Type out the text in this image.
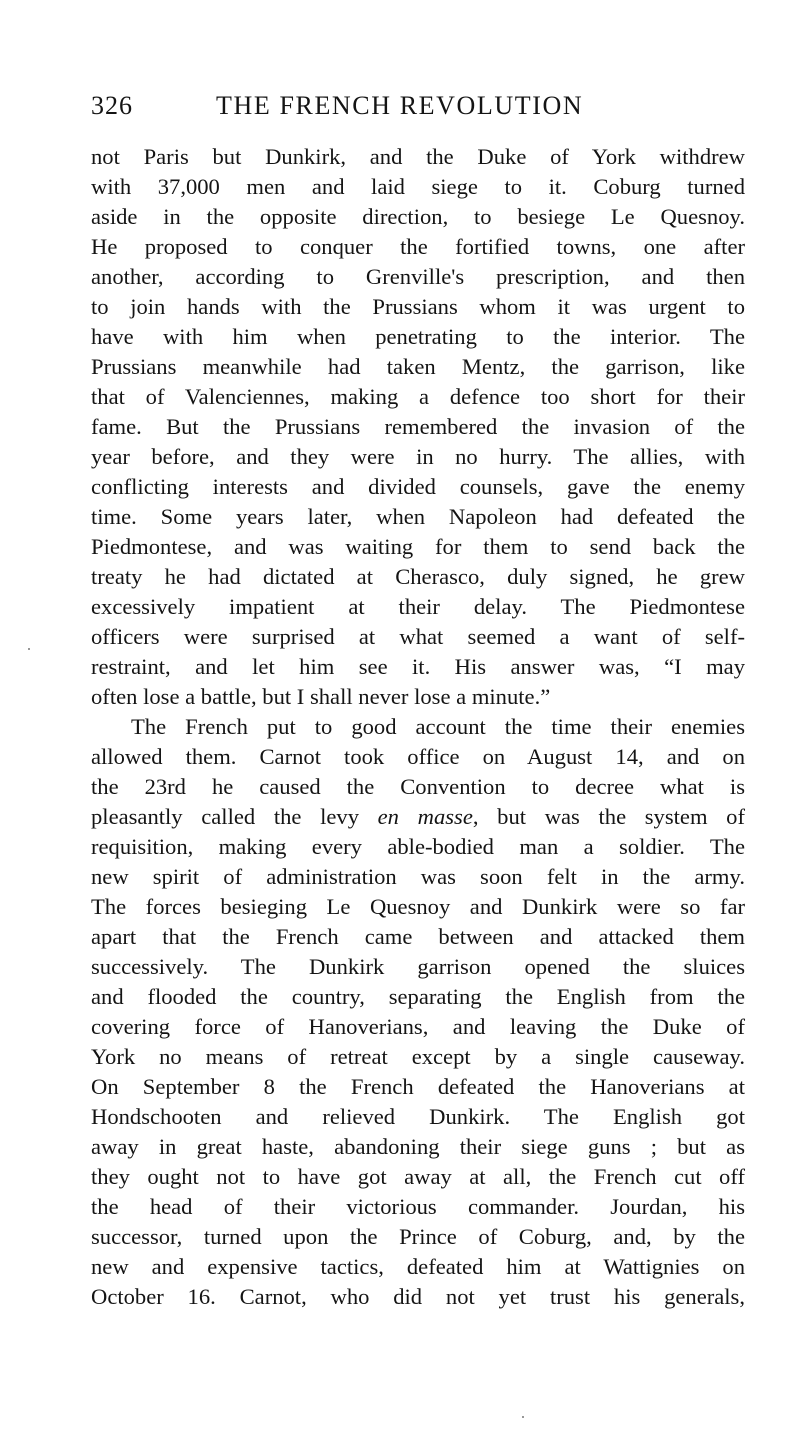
326	THE FRENCH REVOLUTION
not Paris but Dunkirk, and the Duke of York withdrew
with 37,000 men and laid siege to it. Coburg turned
aside in the opposite direction, to besiege Le Quesnoy.
He proposed to conquer the fortified towns, one after
another, according to Grenville's prescription, and then
to join hands with the Prussians whom it was urgent to
have with him when penetrating to the interior. The
Prussians meanwhile had taken Mentz, the garrison, like
that of Valenciennes, making a defence too short for their
fame. But the Prussians remembered the invasion of the
year before, and they were in no hurry. The allies, with
conflicting interests and divided counsels, gave the enemy
time. Some years later, when Napoleon had defeated the
Piedmontese, and was waiting for them to send back the
treaty he had dictated at Cherasco, duly signed, he grew
excessively impatient at their delay. The Piedmontese
officers were surprised at what seemed a want of self-
restraint, and let him see it. His answer was, “I may
often lose a battle, but I shall never lose a minute.”
The French put to good account the time their enemies
allowed them. Carnot took office on August 14, and on
the 23rd he caused the Convention to decree what is
pleasantly called the levy en masse, but was the system of
requisition, making every able-bodied man a soldier. The
new spirit of administration was soon felt in the army.
The forces besieging Le Quesnoy and Dunkirk were so far
apart that the French came between and attacked them
successively. The Dunkirk garrison opened the sluices
and flooded the country, separating the English from the
covering force of Hanoverians, and leaving the Duke of
York no means of retreat except by a single causeway.
On September 8 the French defeated the Hanoverians at
Hondschooten and relieved Dunkirk. The English got
away in great haste, abandoning their siege guns ; but as
they ought not to have got away at all, the French cut off
the head of their victorious commander. Jourdan, his
successor, turned upon the Prince of Coburg, and, by the
new and expensive tactics, defeated him at Wattignies on
October 16. Carnot, who did not yet trust his generals,
